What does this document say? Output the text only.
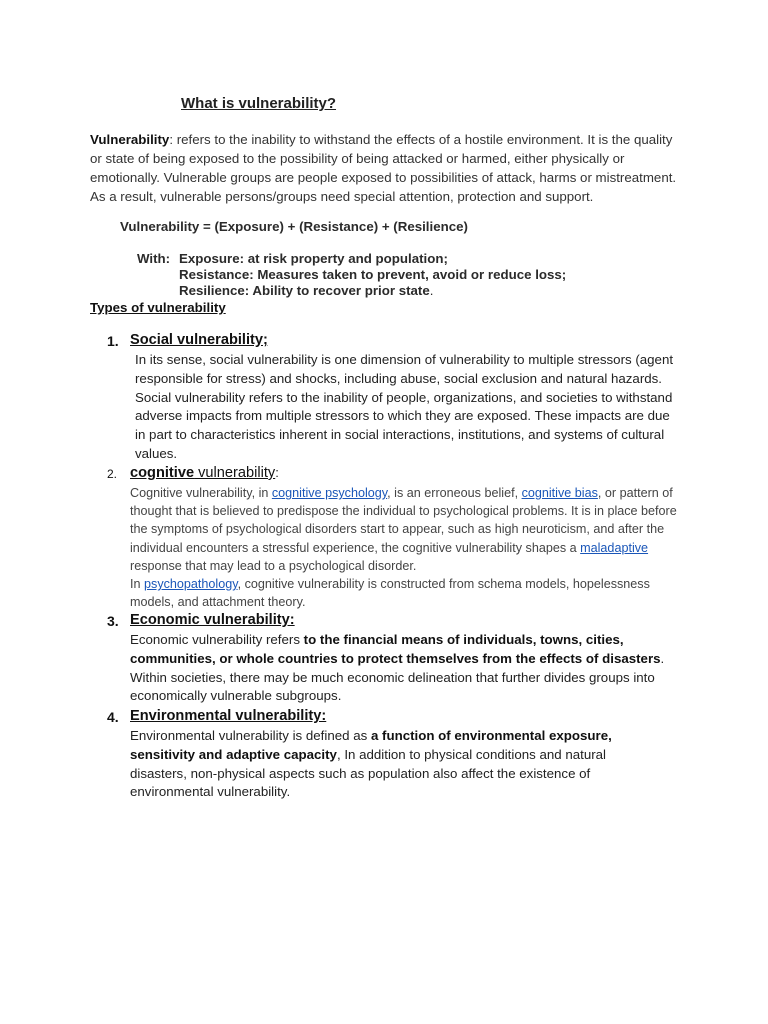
What is vulnerability?
Vulnerability: refers to the inability to withstand the effects of a hostile environment. It is the quality or state of being exposed to the possibility of being attacked or harmed, either physically or emotionally. Vulnerable groups are people exposed to possibilities of attack, harms or mistreatment. As a result, vulnerable persons/groups need special attention, protection and support.
Vulnerability = (Exposure) + (Resistance) + (Resilience)
With: Exposure: at risk property and population;
Resistance: Measures taken to prevent, avoid or reduce loss;
Resilience: Ability to recover prior state.
Types of vulnerability
1. Social vulnerability;
In its sense, social vulnerability is one dimension of vulnerability to multiple stressors (agent responsible for stress) and shocks, including abuse, social exclusion and natural hazards. Social vulnerability refers to the inability of people, organizations, and societies to withstand adverse impacts from multiple stressors to which they are exposed. These impacts are due in part to characteristics inherent in social interactions, institutions, and systems of cultural values.
2. cognitive vulnerability:
Cognitive vulnerability, in cognitive psychology, is an erroneous belief, cognitive bias, or pattern of thought that is believed to predispose the individual to psychological problems. It is in place before the symptoms of psychological disorders start to appear, such as high neuroticism, and after the individual encounters a stressful experience, the cognitive vulnerability shapes a maladaptive response that may lead to a psychological disorder.
In psychopathology, cognitive vulnerability is constructed from schema models, hopelessness models, and attachment theory.
3. Economic vulnerability:
Economic vulnerability refers to the financial means of individuals, towns, cities, communities, or whole countries to protect themselves from the effects of disasters. Within societies, there may be much economic delineation that further divides groups into economically vulnerable subgroups.
4. Environmental vulnerability:
Environmental vulnerability is defined as a function of environmental exposure, sensitivity and adaptive capacity, In addition to physical conditions and natural disasters, non-physical aspects such as population also affect the existence of environmental vulnerability.
